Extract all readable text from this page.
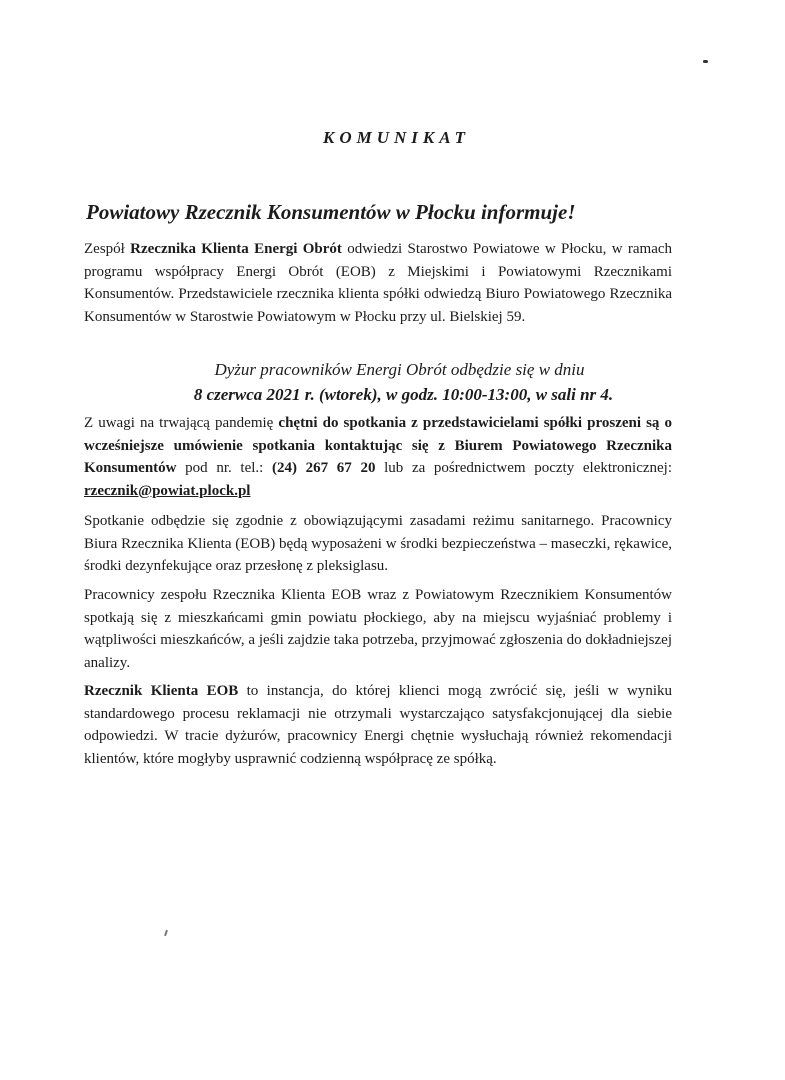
KOMUNIKAT
Powiatowy Rzecznik Konsumentów w Płocku informuje!
Zespół Rzecznika Klienta Energi Obrót odwiedzi Starostwo Powiatowe w Płocku, w ramach programu współpracy Energi Obrót (EOB) z Miejskimi i Powiatowymi Rzecznikami Konsumentów. Przedstawiciele rzecznika klienta spółki odwiedzą Biuro Powiatowego Rzecznika Konsumentów w Starostwie Powiatowym w Płocku przy ul. Bielskiej 59.
Dyżur pracowników Energi Obrót odbędzie się w dniu
8 czerwca 2021 r. (wtorek), w godz. 10:00-13:00, w sali nr 4.
Z uwagi na trwającą pandemię chętni do spotkania z przedstawicielami spółki proszeni są o wcześniejsze umówienie spotkania kontaktując się z Biurem Powiatowego Rzecznika Konsumentów pod nr. tel.: (24) 267 67 20 lub za pośrednictwem poczty elektronicznej: rzecznik@powiat.plock.pl
Spotkanie odbędzie się zgodnie z obowiązującymi zasadami reżimu sanitarnego. Pracownicy Biura Rzecznika Klienta (EOB) będą wyposażeni w środki bezpieczeństwa – maseczki, rękawice, środki dezynfekujące oraz przesłonę z pleksiglasu.
Pracownicy zespołu Rzecznika Klienta EOB wraz z Powiatowym Rzecznikiem Konsumentów spotkają się z mieszkańcami gmin powiatu płockiego, aby na miejscu wyjaśniać problemy i wątpliwości mieszkańców, a jeśli zajdzie taka potrzeba, przyjmować zgłoszenia do dokładniejszej analizy.
Rzecznik Klienta EOB to instancja, do której klienci mogą zwrócić się, jeśli w wyniku standardowego procesu reklamacji nie otrzymali wystarczająco satysfakcjonującej dla siebie odpowiedzi. W tracie dyżurów, pracownicy Energi chętnie wysłuchają również rekomendacji klientów, które mogłyby usprawnić codzienną współpracę ze spółką.
